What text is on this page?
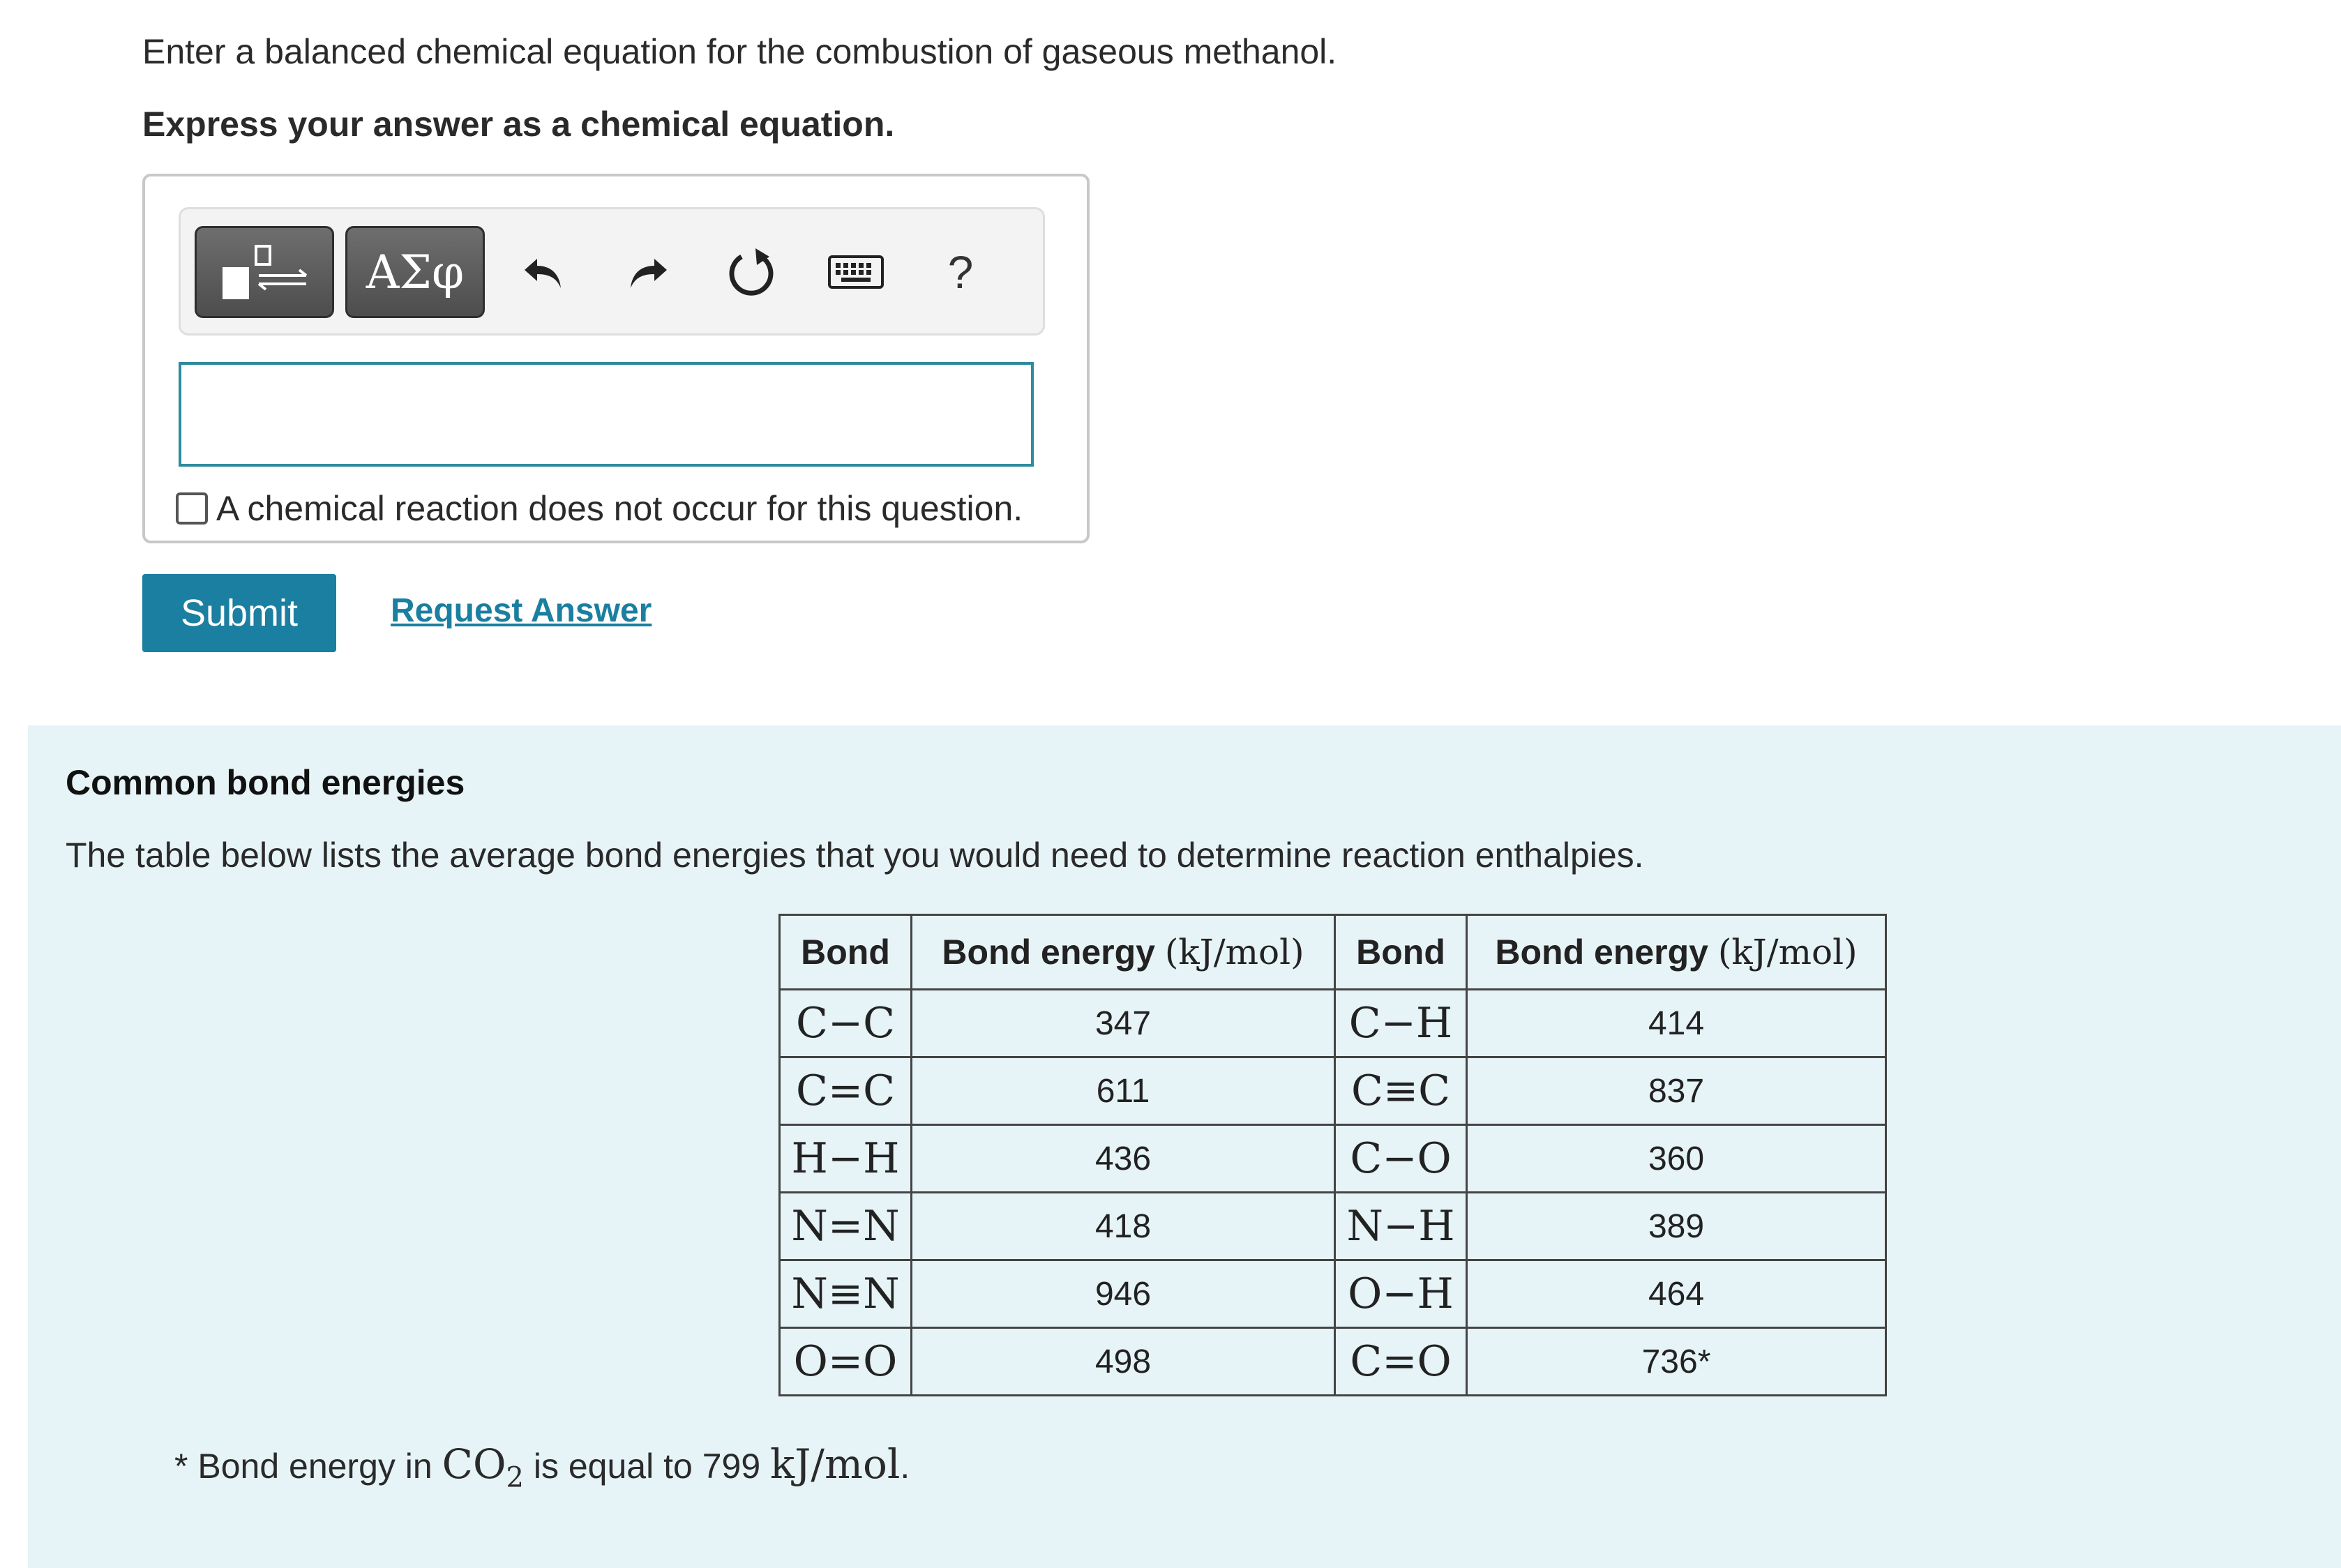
Enter a balanced chemical equation for the combustion of gaseous methanol.
Express your answer as a chemical equation.
ΑΣφ	?
A chemical reaction does not occur for this question.
Submit	Request Answer
Common bond energies
The table below lists the average bond energies that you would need to determine reaction enthalpies.
Bond	Bond energy (kJ/mol)	Bond	Bond energy (kJ/mol)
C−C	347	C−H	414
C=C	611	C≡C	837
H−H	436	C−O	360
N=N	418	N−H	389
N≡N	946	O−H	464
O=O	498	C=O	736*
* Bond energy in $CO_2$ is equal to 799 kJ/mol.
